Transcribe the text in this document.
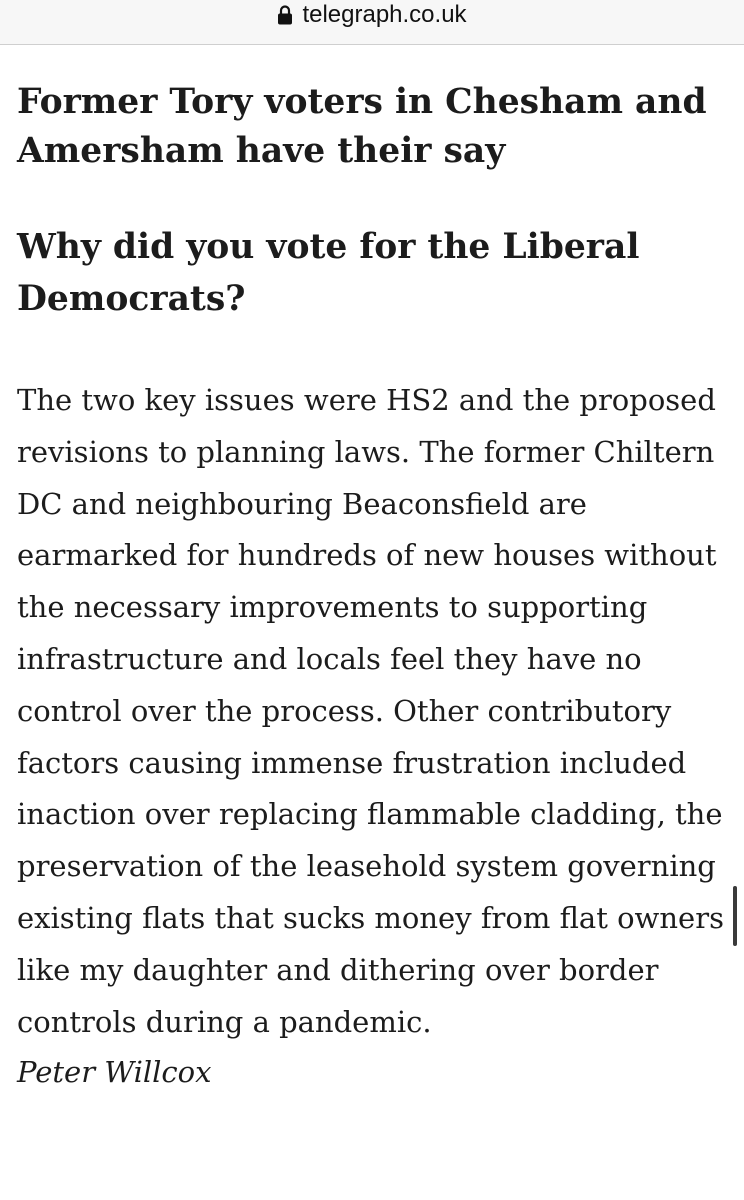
telegraph.co.uk
Former Tory voters in Chesham and Amersham have their say
Why did you vote for the Liberal Democrats?

The two key issues were HS2 and the proposed revisions to planning laws. The former Chiltern DC and neighbouring Beaconsfield are earmarked for hundreds of new houses without the necessary improvements to supporting infrastructure and locals feel they have no control over the process. Other contributory factors causing immense frustration included inaction over replacing flammable cladding, the preservation of the leasehold system governing existing flats that sucks money from flat owners like my daughter and dithering over border controls during a pandemic.

Peter Willcox
